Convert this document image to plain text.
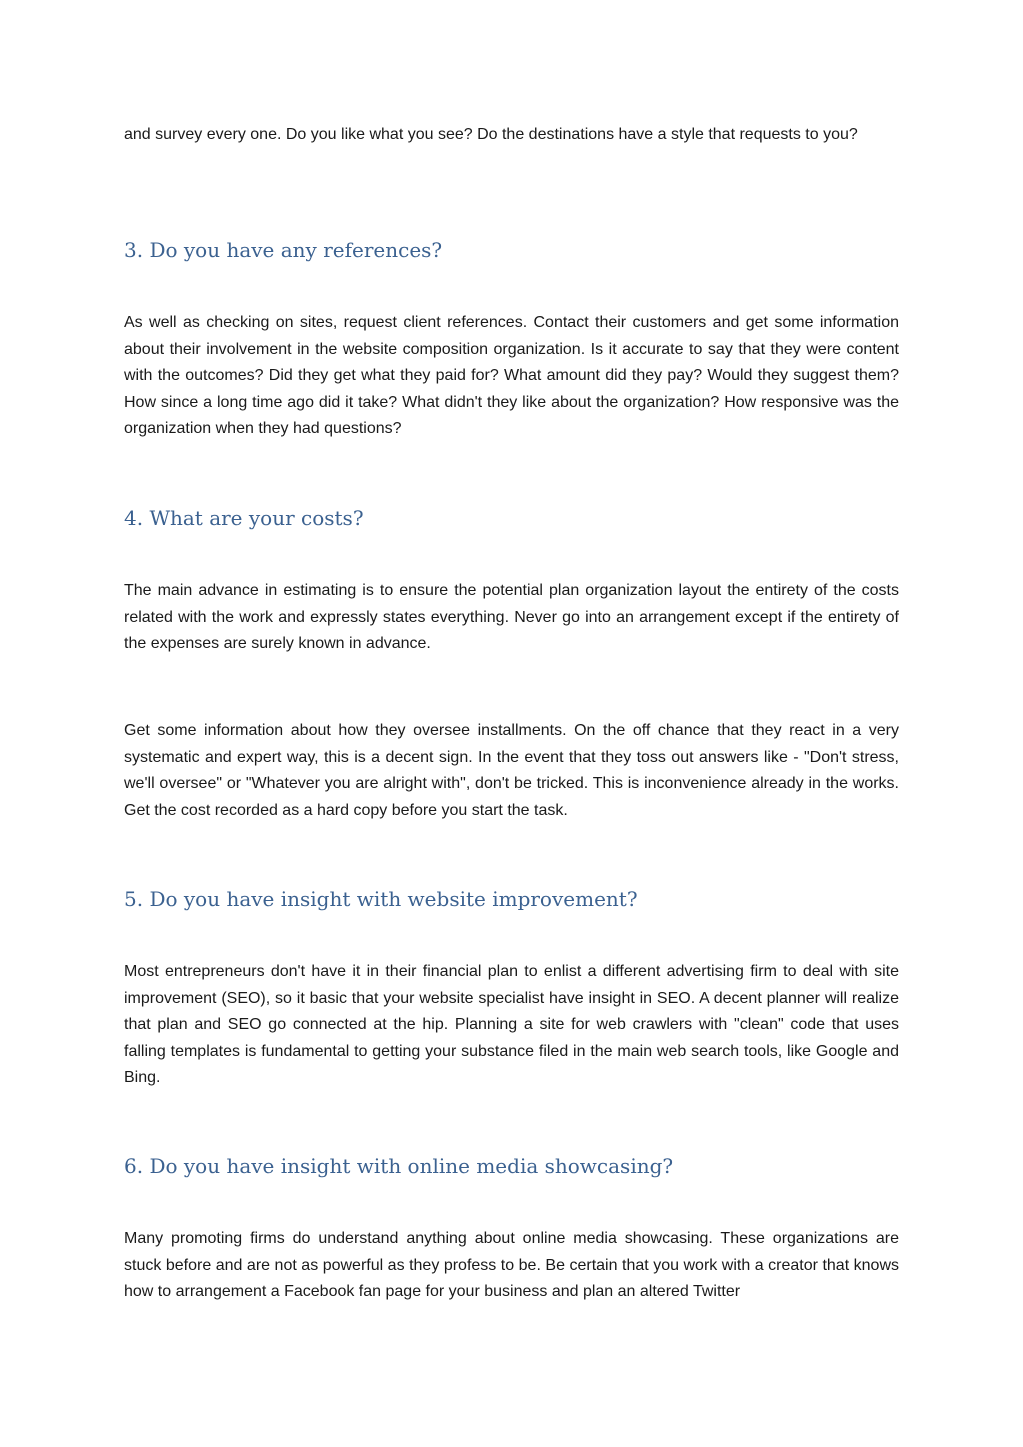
and survey every one. Do you like what you see? Do the destinations have a style that requests to you?

3. Do you have any references?

As well as checking on sites, request client references. Contact their customers and get some information about their involvement in the website composition organization. Is it accurate to say that they were content with the outcomes? Did they get what they paid for? What amount did they pay? Would they suggest them? How since a long time ago did it take? What didn't they like about the organization? How responsive was the organization when they had questions?

4. What are your costs?

The main advance in estimating is to ensure the potential plan organization layout the entirety of the costs related with the work and expressly states everything. Never go into an arrangement except if the entirety of the expenses are surely known in advance.

Get some information about how they oversee installments. On the off chance that they react in a very systematic and expert way, this is a decent sign. In the event that they toss out answers like - "Don't stress, we'll oversee" or "Whatever you are alright with", don't be tricked. This is inconvenience already in the works. Get the cost recorded as a hard copy before you start the task.

5. Do you have insight with website improvement?

Most entrepreneurs don't have it in their financial plan to enlist a different advertising firm to deal with site improvement (SEO), so it basic that your website specialist have insight in SEO. A decent planner will realize that plan and SEO go connected at the hip. Planning a site for web crawlers with "clean" code that uses falling templates is fundamental to getting your substance filed in the main web search tools, like Google and Bing.

6. Do you have insight with online media showcasing?

Many promoting firms do understand anything about online media showcasing. These organizations are stuck before and are not as powerful as they profess to be. Be certain that you work with a creator that knows how to arrangement a Facebook fan page for your business and plan an altered Twitter
